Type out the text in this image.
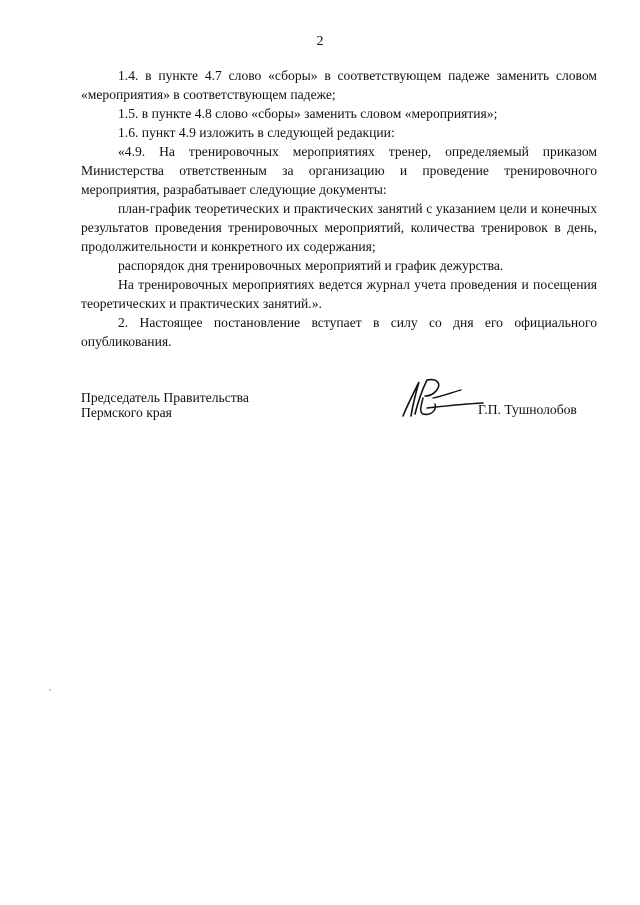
2

1.4. в пункте 4.7 слово «сборы» в соответствующем падеже заменить словом «мероприятия» в соответствующем падеже;

1.5. в пункте 4.8 слово «сборы» заменить словом «мероприятия»;

1.6. пункт 4.9 изложить в следующей редакции:

«4.9. На тренировочных мероприятиях тренер, определяемый приказом Министерства ответственным за организацию и проведение тренировочного мероприятия, разрабатывает следующие документы:

план-график теоретических и практических занятий с указанием цели и конечных результатов проведения тренировочных мероприятий, количества тренировок в день, продолжительности и конкретного их содержания;

распорядок дня тренировочных мероприятий и график дежурства.

На тренировочных мероприятиях ведется журнал учета проведения и посещения теоретических и практических занятий.».

2. Настоящее постановление вступает в силу со дня его официального опубликования.

Председатель Правительства
Пермского края	Г.П. Тушнолобов
